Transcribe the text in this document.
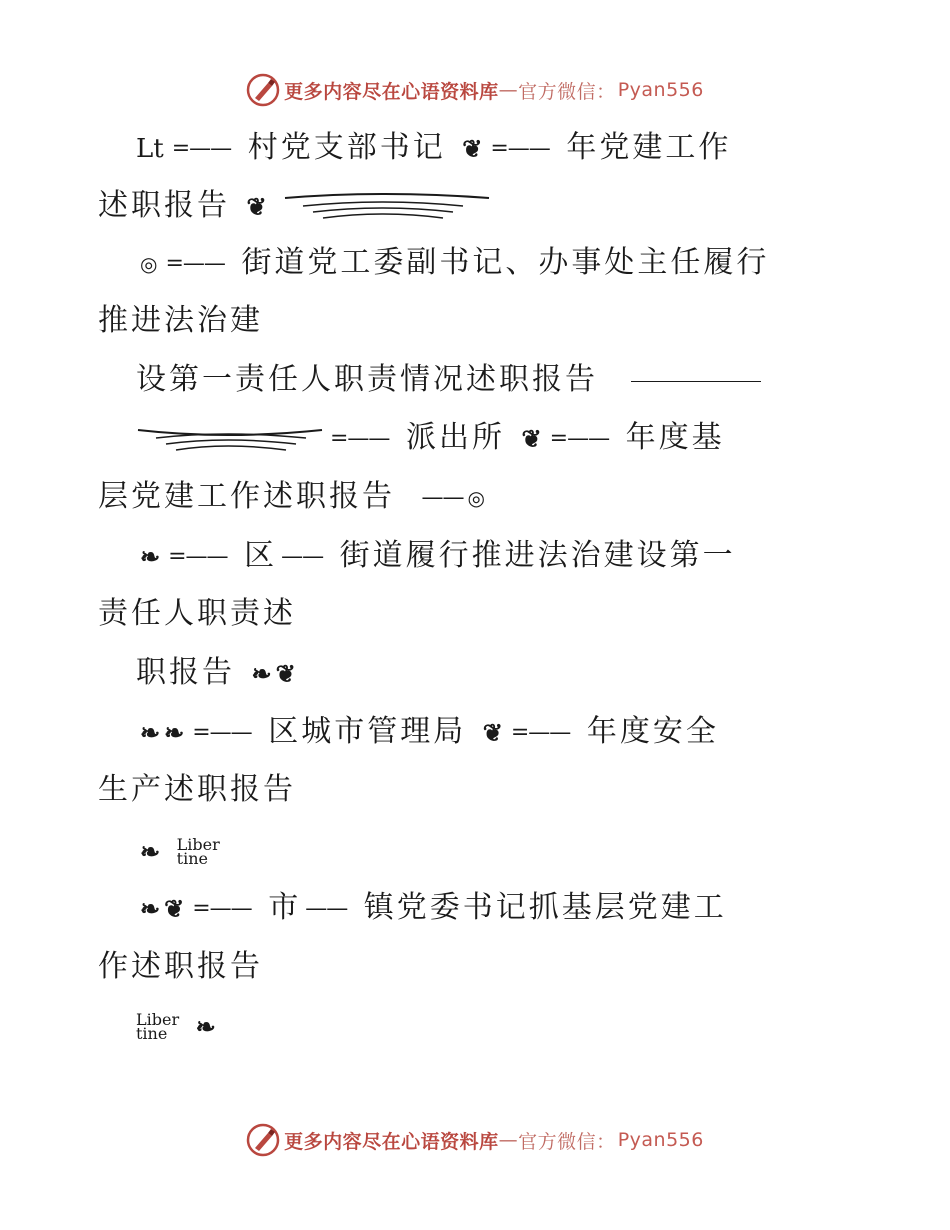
更多内容尽在心语资料库 — 官方微信： Pyan556
Lt =—— 村党支部书记 ❦ =—— 年党建工作
述职报告 ❦
◎ =—— 街道党工委副书记、办事处主任履行
推进法治建
设第一责任人职责情况述职报告
=—— 派出所 ❦ =—— 年度基
层党建工作述职报告 —— ◎
❧ =—— 区 —— 街道履行推进法治建设第一
责任人职责述
职报告 ❧ ❦
❧ ❧ =—— 区城市管理局 ❦ =—— 年度安全
生产述职报告
❧ Liber
tine
❧ ❦ =—— 市 —— 镇党委书记抓基层党建工
作述职报告
Liber
tine	❧
更多内容尽在心语资料库 — 官方微信： Pyan556
